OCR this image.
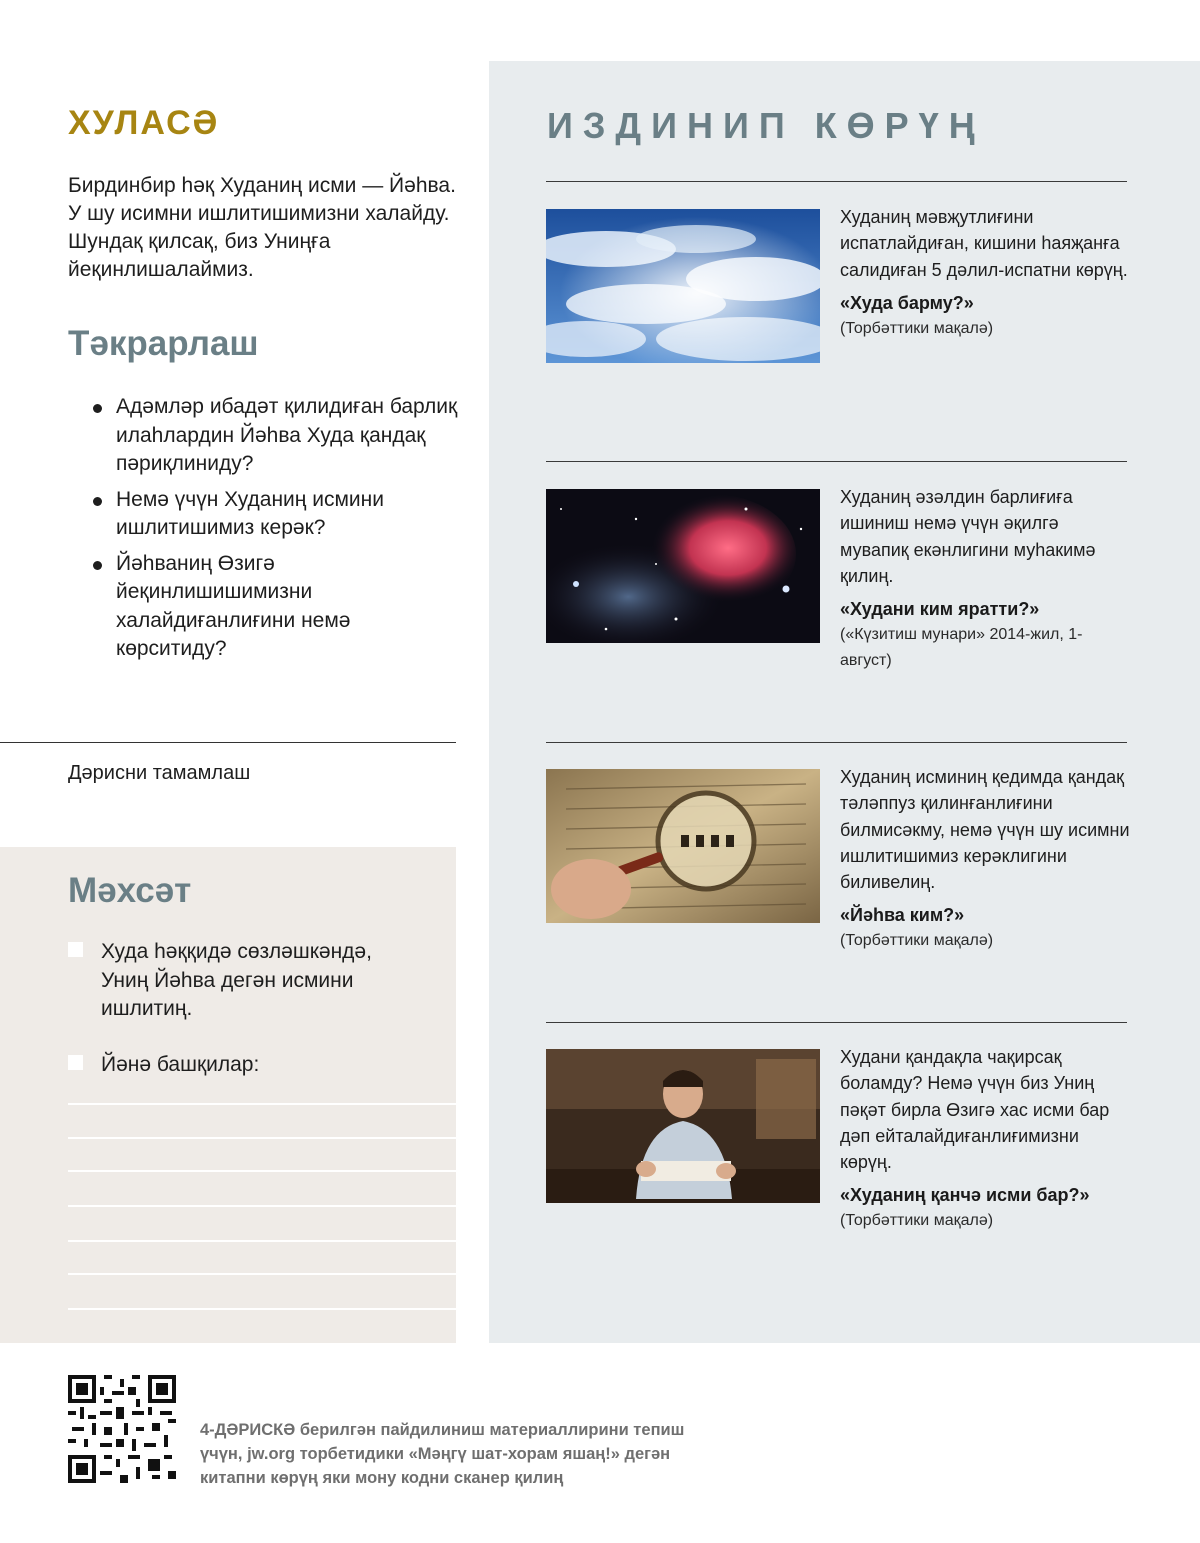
ХУЛАСӘ

Бирдинбир һәқ Худаниң исми — Йәһва. У шу исимни ишлитишимизни халайду. Шундақ қилсақ, биз Униңға йеқинлишалаймиз.

Тәкрарлаш
Адәмләр ибадәт қилидиған барлиқ илаһлардин Йәһва Худа қандақ пәриқлиниду?
Немә үчүн Худаниң исмини ишлитишимиз керәк?
Йәһваниң Өзигә йеқинлишишимизни халайдиғанлиғини немә көрситиду?
Дәрисни тамамлаш
Мәхсәт
Худа һәққидә сөзләшкәндә, Униң Йәһва дегән исмини ишлитиң.
Йәнә башқилар:
ИЗДИНИП КӨРҮҢ
Худаниң мәвҗутлиғини испатлайдиған, кишини һаяҗанға салидиған 5 дәлил-испатни көрүң.
«Худа барму?»
(Торбәттики мақалә)
Худаниң әзәлдин барлиғиға ишиниш немә үчүн әқилгә мувапиқ екәнлигини муһакимә қилиң.
«Худани ким яратти?»
(«Күзитиш мунари» 2014-жил, 1-август)
Худаниң исминиң қедимда қандақ тәләппуз қилинғанлиғини билмисәкму, немә үчүн шу исимни ишлитишимиз керәклигини биливелиң.
«Йәһва ким?»
(Торбәттики мақалә)
Худани қандақла чақирсақ боламду? Немә үчүн биз Униң пәқәт бирла Өзигә хас исми бар дәп ейталайдиғанлиғимизни көрүң.
«Худаниң қанчә исми бар?»
(Торбәттики мақалә)
4-ДӘРИСКӘ берилгән пайдилиниш материаллирини тепиш үчүн, jw.org торбетидики «Мәңгү шат-хорам яшаң!» дегән китапни көрүң яки мону кодни сканер қилиң
